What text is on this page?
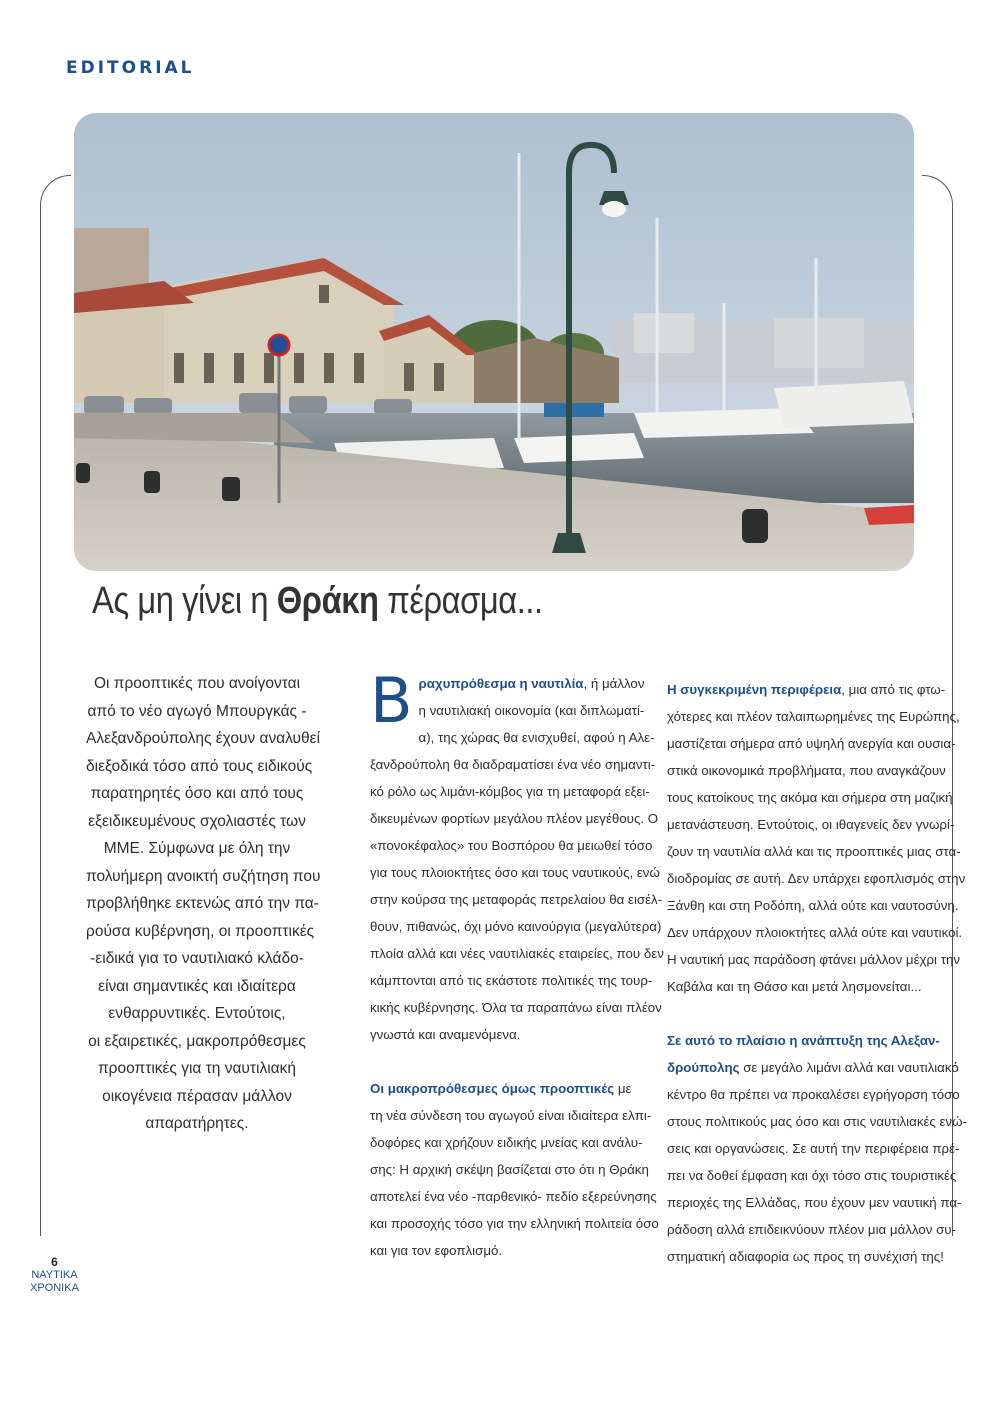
EDITORIAL
Ας μη γίνει η Θράκη πέρασμα...
Οι προοπτικές που ανοίγονται
από το νέο αγωγό Μπουργκάς -
Αλεξανδρούπολης έχουν αναλυθεί
διεξοδικά τόσο από τους ειδικούς
παρατηρητές όσο και από τους
εξειδικευμένους σχολιαστές των
ΜΜΕ. Σύμφωνα με όλη την
πολυήμερη ανοικτή συζήτηση που
προβλήθηκε εκτενώς από την πα-
ρούσα κυβέρνηση, οι προοπτικές
-ειδικά για το ναυτιλιακό κλάδο-
είναι σημαντικές και ιδιαίτερα
ενθαρρυντικές. Εντούτοις,
οι εξαιρετικές, μακροπρόθεσμες
προοπτικές για τη ναυτιλιακή
οικογένεια πέρασαν μάλλον
απαρατήρητες.

Β ραχυπρόθεσμα η ναυτιλία, ή μάλλον
η ναυτιλιακή οικονομία (και διπλωματί-
α), της χώρας θα ενισχυθεί, αφού η Αλε-
ξανδρούπολη θα διαδραματίσει ένα νέο σημαντι-
κό ρόλο ως λιμάνι-κόμβος για τη μεταφορά εξει-
δικευμένων φορτίων μεγάλου πλέον μεγέθους. Ο
«πονοκέφαλος» του Βοσπόρου θα μειωθεί τόσο
για τους πλοιοκτήτες όσο και τους ναυτικούς, ενώ
στην κούρσα της μεταφοράς πετρελαίου θα εισέλ-
θουν, πιθανώς, όχι μόνο καινούργια (μεγαλύτερα)
πλοία αλλά και νέες ναυτιλιακές εταιρείες, που δεν
κάμπτονται από τις εκάστοτε πολιτικές της τουρ-
κικής κυβέρνησης. Όλα τα παραπάνω είναι πλέον
γνωστά και αναμενόμενα.

Οι μακροπρόθεσμες όμως προοπτικές με
τη νέα σύνδεση του αγωγού είναι ιδιαίτερα ελπι-
δοφόρες και χρήζουν ειδικής μνείας και ανάλυ-
σης: Η αρχική σκέψη βασίζεται στο ότι η Θράκη
αποτελεί ένα νέο -παρθενικό- πεδίο εξερεύνησης
και προσοχής τόσο για την ελληνική πολιτεία όσο
και για τον εφοπλισμό.

Η συγκεκριμένη περιφέρεια, μια από τις φτω-
χότερες και πλέον ταλαιπωρημένες της Ευρώπης,
μαστίζεται σήμερα από υψηλή ανεργία και ουσια-
στικά οικονομικά προβλήματα, που αναγκάζουν
τους κατοίκους της ακόμα και σήμερα στη μαζική
μετανάστευση. Εντούτοις, οι ιθαγενείς δεν γνωρί-
ζουν τη ναυτιλία αλλά και τις προοπτικές μιας στα-
διοδρομίας σε αυτή. Δεν υπάρχει εφοπλισμός στην
Ξάνθη και στη Ροδόπη, αλλά ούτε και ναυτοσύνη.
Δεν υπάρχουν πλοιοκτήτες αλλά ούτε και ναυτικοί.
Η ναυτική μας παράδοση φτάνει μάλλον μέχρι την
Καβάλα και τη Θάσο και μετά λησμονείται...

Σε αυτό το πλαίσιο η ανάπτυξη της Αλεξαν-
δρούπολης σε μεγάλο λιμάνι αλλά και ναυτιλιακό
κέντρο θα πρέπει να προκαλέσει εγρήγορση τόσο
στους πολιτικούς μας όσο και στις ναυτιλιακές ενώ-
σεις και οργανώσεις. Σε αυτή την περιφέρεια πρέ-
πει να δοθεί έμφαση και όχι τόσο στις τουριστικές
περιοχές της Ελλάδας, που έχουν μεν ναυτική πα-
ράδοση αλλά επιδεικνύουν πλέον μια μάλλον συ-
στηματική αδιαφορία ως προς τη συνέχισή της!

6
ΝΑΥΤΙΚΑ
ΧΡΟΝΙΚΑ
